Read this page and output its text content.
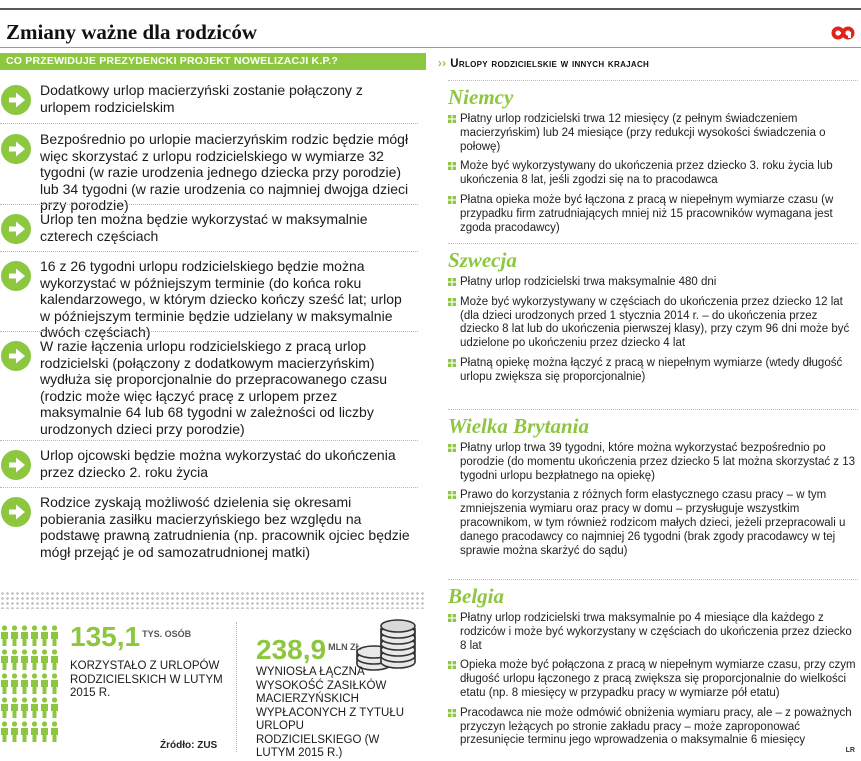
Zmiany ważne dla rodziców
CO PRZEWIDUJE PREZYDENCKI PROJEKT NOWELIZACJI K.P.?
Dodatkowy urlop macierzyński zostanie połączony z urlopem rodzicielskim
Bezpośrednio po urlopie macierzyńskim rodzic będzie mógł więc skorzystać z urlopu rodzicielskiego w wymiarze 32 tygodni (w razie urodzenia jednego dziecka przy porodzie) lub 34 tygodni (w razie urodzenia co najmniej dwojga dzieci przy porodzie)
Urlop ten można będzie wykorzystać w maksymalnie czterech częściach
16 z 26 tygodni urlopu rodzicielskiego będzie można wykorzystać w późniejszym terminie (do końca roku kalendarzowego, w którym dziecko kończy sześć lat; urlop w późniejszym terminie będzie udzielany w maksymalnie dwóch częściach)
W razie łączenia urlopu rodzicielskiego z pracą urlop rodzicielski (połączony z dodatkowym macierzyńskim) wydłuża się proporcjonalnie do przepracowanego czasu (rodzic może więc łączyć pracę z urlopem przez maksymalnie 64 lub 68 tygodni w zależności od liczby urodzonych dzieci przy porodzie)
Urlop ojcowski będzie można wykorzystać do ukończenia przez dziecko 2. roku życia
Rodzice zyskają możliwość dzielenia się okresami pobierania zasiłku macierzyńskiego bez względu na podstawę prawną zatrudnienia (np. pracownik ojciec będzie mógł przejąć je od samozatrudnionej matki)
135,1 $^{TYS. OSÓB}$
KORZYSTAŁO Z URLOPÓW RODZICIELSKICH W LUTYM 2015 R.
Źródło: ZUS
238,9 $^{MLN ZŁ}$
WYNIOSŁA ŁĄCZNA WYSOKOŚĆ ZASIŁKÓW MACIERZYŃSKICH WYPŁACONYCH Z TYTUŁU URLOPU RODZICIELSKIEGO (W LUTYM 2015 R.)
›› Urlopy rodzicielskie w innych krajach
Niemcy
Płatny urlop rodzicielski trwa 12 miesięcy (z pełnym świadczeniem macierzyńskim) lub 24 miesiące (przy redukcji wysokości świadczenia o połowę)
Może być wykorzystywany do ukończenia przez dziecko 3. roku życia lub ukończenia 8 lat, jeśli zgodzi się na to pracodawca
Płatna opieka może być łączona z pracą w niepełnym wymiarze czasu (w przypadku firm zatrudniających mniej niż 15 pracowników wymagana jest zgoda pracodawcy)
Szwecja
Płatny urlop rodzicielski trwa maksymalnie 480 dni
Może być wykorzystywany w częściach do ukończenia przez dziecko 12 lat (dla dzieci urodzonych przed 1 stycznia 2014 r. – do ukończenia przez dziecko 8 lat lub do ukończenia pierwszej klasy), przy czym 96 dni może być udzielone po ukończeniu przez dziecko 4 lat
Płatną opiekę można łączyć z pracą w niepełnym wymiarze (wtedy długość urlopu zwiększa się proporcjonalnie)
Wielka Brytania
Płatny urlop trwa 39 tygodni, które można wykorzystać bezpośrednio po porodzie (do momentu ukończenia przez dziecko 5 lat można skorzystać z 13 tygodni urlopu bezpłatnego na opiekę)
Prawo do korzystania z różnych form elastycznego czasu pracy – w tym zmniejszenia wymiaru oraz pracy w domu – przysługuje wszystkim pracownikom, w tym również rodzicom małych dzieci, jeżeli przepracowali u danego pracodawcy co najmniej 26 tygodni (brak zgody pracodawcy w tej sprawie można skarżyć do sądu)
Belgia
Płatny urlop rodzicielski trwa maksymalnie po 4 miesiące dla każdego z rodziców i może być wykorzystany w częściach do ukończenia przez dziecko 8 lat
Opieka może być połączona z pracą w niepełnym wymiarze czasu, przy czym długość urlopu łączonego z pracą zwiększa się proporcjonalnie do wielkości etatu (np. 8 miesięcy w przypadku pracy w wymiarze pół etatu)
Pracodawca nie może odmówić obniżenia wymiaru pracy, ale – z poważnych przyczyn leżących po stronie zakładu pracy – może zaproponować przesunięcie terminu jego wprowadzenia o maksymalnie 6 miesięcy
LR
